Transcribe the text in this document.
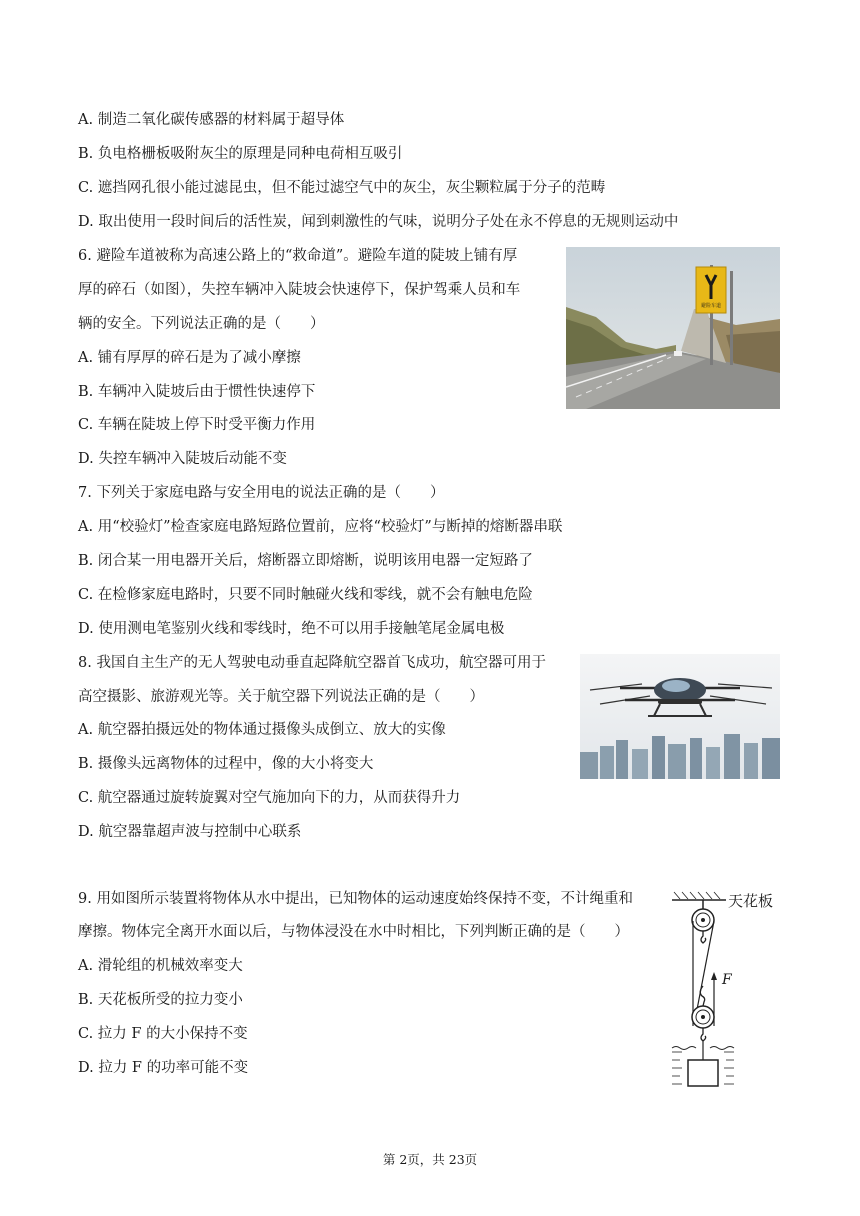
A. 制造二氧化碳传感器的材料属于超导体
B. 负电格栅板吸附灰尘的原理是同种电荷相互吸引
C. 遮挡网孔很小能过滤昆虫，但不能过滤空气中的灰尘，灰尘颗粒属于分子的范畴
D. 取出使用一段时间后的活性炭，闻到刺激性的气味，说明分子处在永不停息的无规则运动中
6. 避险车道被称为高速公路上的“救命道”。避险车道的陡坡上铺有厚
厚的碎石（如图），失控车辆冲入陡坡会快速停下，保护驾乘人员和车
辆的安全。下列说法正确的是（　　）
A. 铺有厚厚的碎石是为了减小摩擦
B. 车辆冲入陡坡后由于惯性快速停下
C. 车辆在陡坡上停下时受平衡力作用
D. 失控车辆冲入陡坡后动能不变
避险车道
7. 下列关于家庭电路与安全用电的说法正确的是（　　）
A. 用“校验灯”检查家庭电路短路位置前，应将“校验灯”与断掉的熔断器串联
B. 闭合某一用电器开关后，熔断器立即熔断，说明该用电器一定短路了
C. 在检修家庭电路时，只要不同时触碰火线和零线，就不会有触电危险
D. 使用测电笔鉴别火线和零线时，绝不可以用手接触笔尾金属电极
8. 我国自主生产的无人驾驶电动垂直起降航空器首飞成功，航空器可用于
高空摄影、旅游观光等。关于航空器下列说法正确的是（　　）
A. 航空器拍摄远处的物体通过摄像头成倒立、放大的实像
B. 摄像头远离物体的过程中，像的大小将变大
C. 航空器通过旋转旋翼对空气施加向下的力，从而获得升力
D. 航空器靠超声波与控制中心联系
9. 用如图所示装置将物体从水中提出，已知物体的运动速度始终保持不变，不计绳重和
摩擦。物体完全离开水面以后，与物体浸没在水中时相比，下列判断正确的是（　　）
A. 滑轮组的机械效率变大
B. 天花板所受的拉力变小
C. 拉力 F 的大小保持不变
D. 拉力 F 的功率可能不变
天花板
F
第 2页，共 23页
